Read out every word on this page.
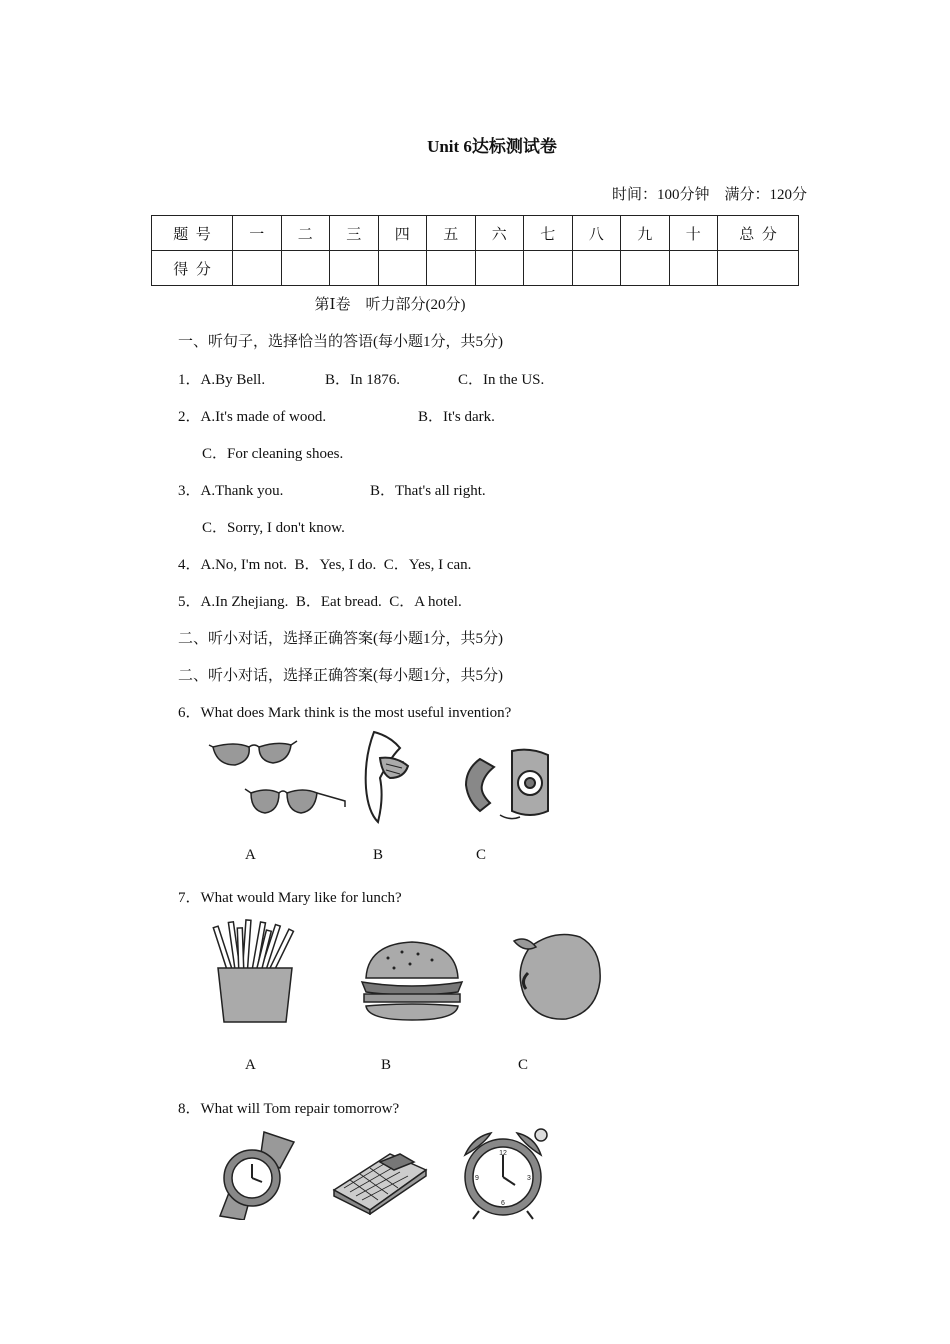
Unit 6达标测试卷
时间：100分钟    满分：120分
题  号	一	二	三	四	五	六	七	八	九	十	总  分
得  分											
第Ⅰ卷    听力部分(20分)
一、听句子，选择恰当的答语(每小题1分，共5分)
1．A.By Bell.	B．In 1876.	C．In the US.
2．A.It's made of wood.	B．It's dark.
C．For cleaning shoes.
3．A.Thank you.	B．That's all right.
C．Sorry, I don't know.
4．A.No, I'm not.  B．Yes, I do.  C．Yes, I can.
5．A.In Zhejiang.  B．Eat bread.  C．A hotel.
二、听小对话，选择正确答案(每小题1分，共5分)
二、听小对话，选择正确答案(每小题1分，共5分)
6．What does Mark think is the most useful invention?
A	B	C
7．What would Mary like for lunch?
A	B	C
8．What will Tom repair tomorrow?
12
3
6
9
